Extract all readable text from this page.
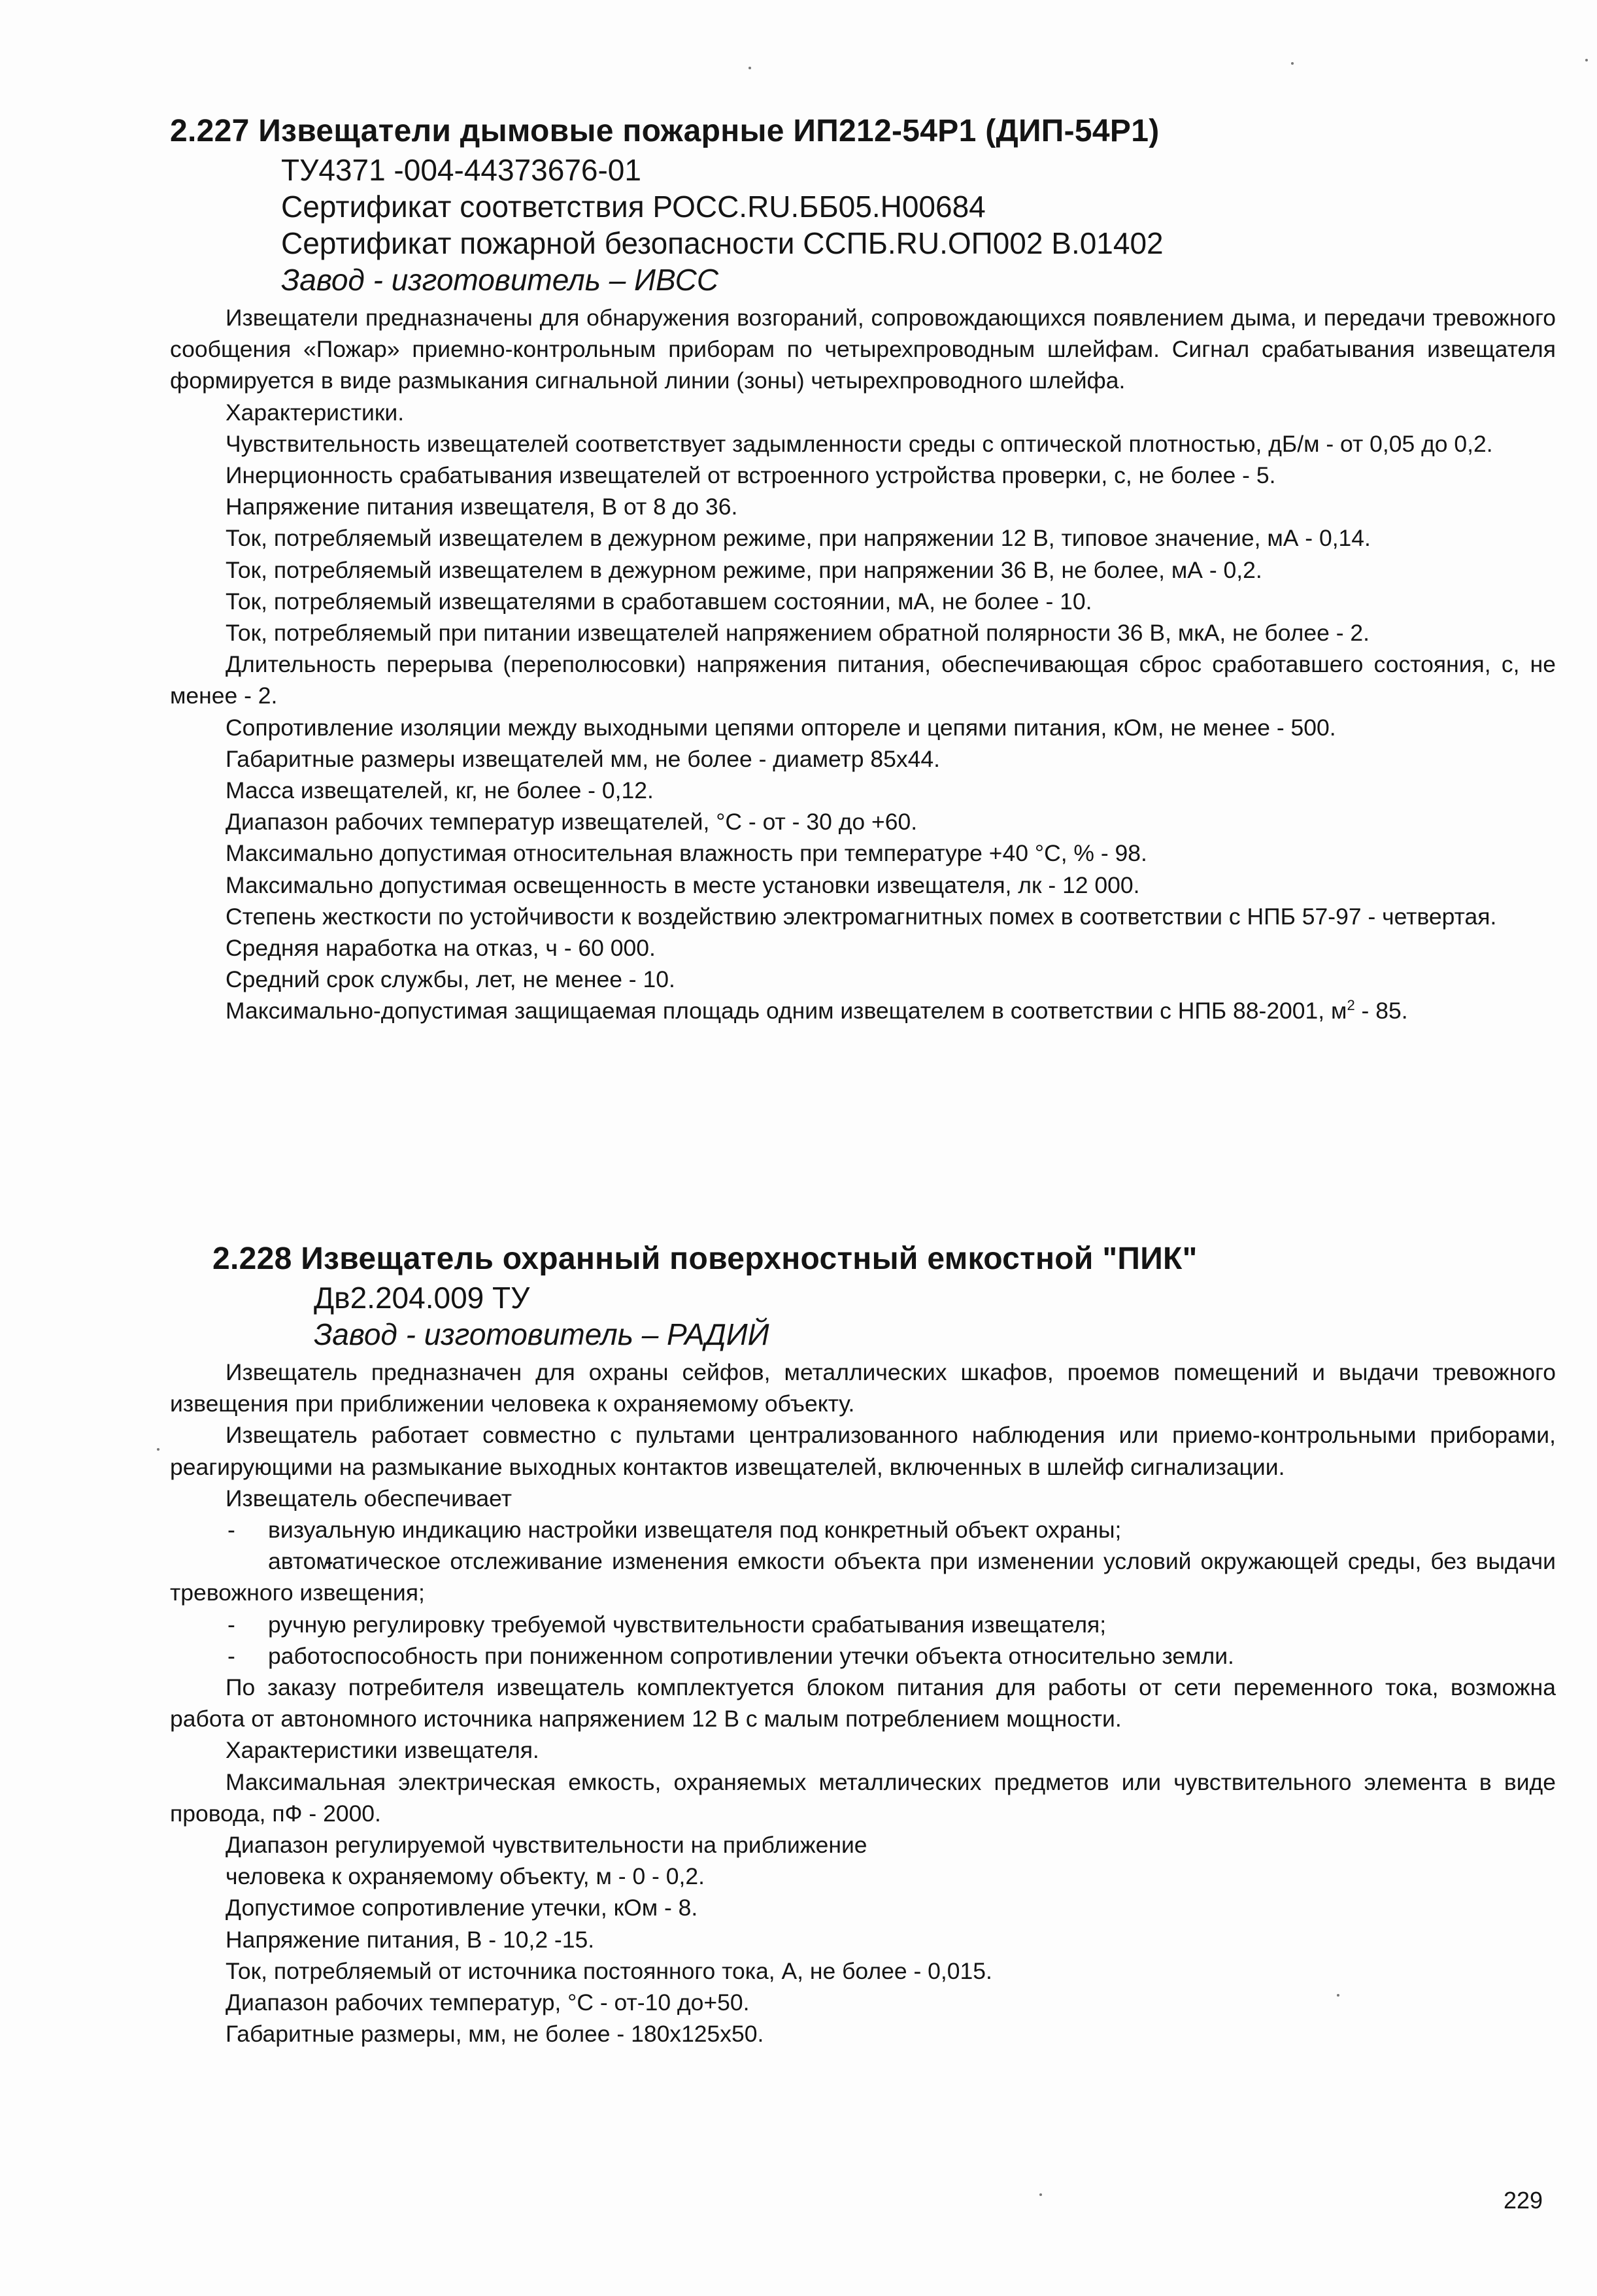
2.227 Извещатели дымовые пожарные ИП212-54Р1 (ДИП-54Р1)
ТУ4371 -004-44373676-01
Сертификат соответствия РОСС.RU.ББ05.Н00684
Сертификат пожарной безопасности ССПБ.RU.ОП002 В.01402
Завод - изготовитель – ИВСС

Извещатели предназначены для обнаружения возгораний, сопровождающихся появлением дыма, и передачи тревожного сообщения «Пожар» приемно-контрольным приборам по четырехпроводным шлейфам. Сигнал срабатывания извещателя формируется в виде размыкания сигнальной линии (зоны) четырехпроводного шлейфа.

Характеристики.

Чувствительность извещателей соответствует задымленности среды с оптической плотностью, дБ/м - от 0,05 до 0,2.

Инерционность срабатывания извещателей от встроенного устройства проверки, с, не более - 5.

Напряжение питания извещателя, В от 8 до 36.

Ток, потребляемый извещателем в дежурном режиме, при напряжении 12 В, типовое значение, мА - 0,14.

Ток, потребляемый извещателем в дежурном режиме, при напряжении 36 В, не более, мА - 0,2.

Ток, потребляемый извещателями в сработавшем состоянии, мА, не более - 10.

Ток, потребляемый при питании извещателей напряжением обратной полярности 36 В, мкА, не более - 2.

Длительность перерыва (переполюсовки) напряжения питания, обеспечивающая сброс сработавшего состояния, с, не менее - 2.

Сопротивление изоляции между выходными цепями оптореле и цепями питания, кОм, не менее - 500.

Габаритные размеры извещателей мм, не более - диаметр 85х44.

Масса извещателей, кг, не более - 0,12.

Диапазон рабочих температур извещателей, °С - от - 30 до +60.

Максимально допустимая относительная влажность при температуре +40 °С, % - 98.

Максимально допустимая освещенность в месте установки извещателя, лк - 12 000.

Степень жесткости по устойчивости к воздействию электромагнитных помех в соответствии с НПБ 57-97 - четвертая.

Средняя наработка на отказ, ч - 60 000.

Средний срок службы, лет, не менее - 10.

Максимально-допустимая защищаемая площадь одним извещателем в соответствии с НПБ 88-2001, $м^2 - 85$.

2.228 Извещатель охранный поверхностный емкостной "ПИК"
Дв2.204.009 ТУ
Завод - изготовитель – РАДИЙ

Извещатель предназначен для охраны сейфов, металлических шкафов, проемов помещений и выдачи тревожного извещения при приближении человека к охраняемому объекту.

Извещатель работает совместно с пультами централизованного наблюдения или приемо-контрольными приборами, реагирующими на размыкание выходных контактов извещателей, включенных в шлейф сигнализации.

Извещатель обеспечивает

- визуальную индикацию настройки извещателя под конкретный объект охраны;

- автоматическое отслеживание изменения емкости объекта при изменении условий окружающей среды, без выдачи тревожного извещения;

- ручную регулировку требуемой чувствительности срабатывания извещателя;

- работоспособность при пониженном сопротивлении утечки объекта относительно земли.

По заказу потребителя извещатель комплектуется блоком питания для работы от сети переменного тока, возможна работа от автономного источника напряжением 12 В с малым потреблением мощности.

Характеристики извещателя.

Максимальная электрическая емкость, охраняемых металлических предметов или чувствительного элемента в виде провода, пФ - 2000.

Диапазон регулируемой чувствительности на приближение

человека к охраняемому объекту, м - 0 - 0,2.

Допустимое сопротивление утечки, кОм - 8.

Напряжение питания, В - 10,2 -15.

Ток, потребляемый от источника постоянного тока, А, не более - 0,015.

Диапазон рабочих температур, °С - от-10 до+50.

Габаритные размеры, мм, не более - 180х125х50.

229
